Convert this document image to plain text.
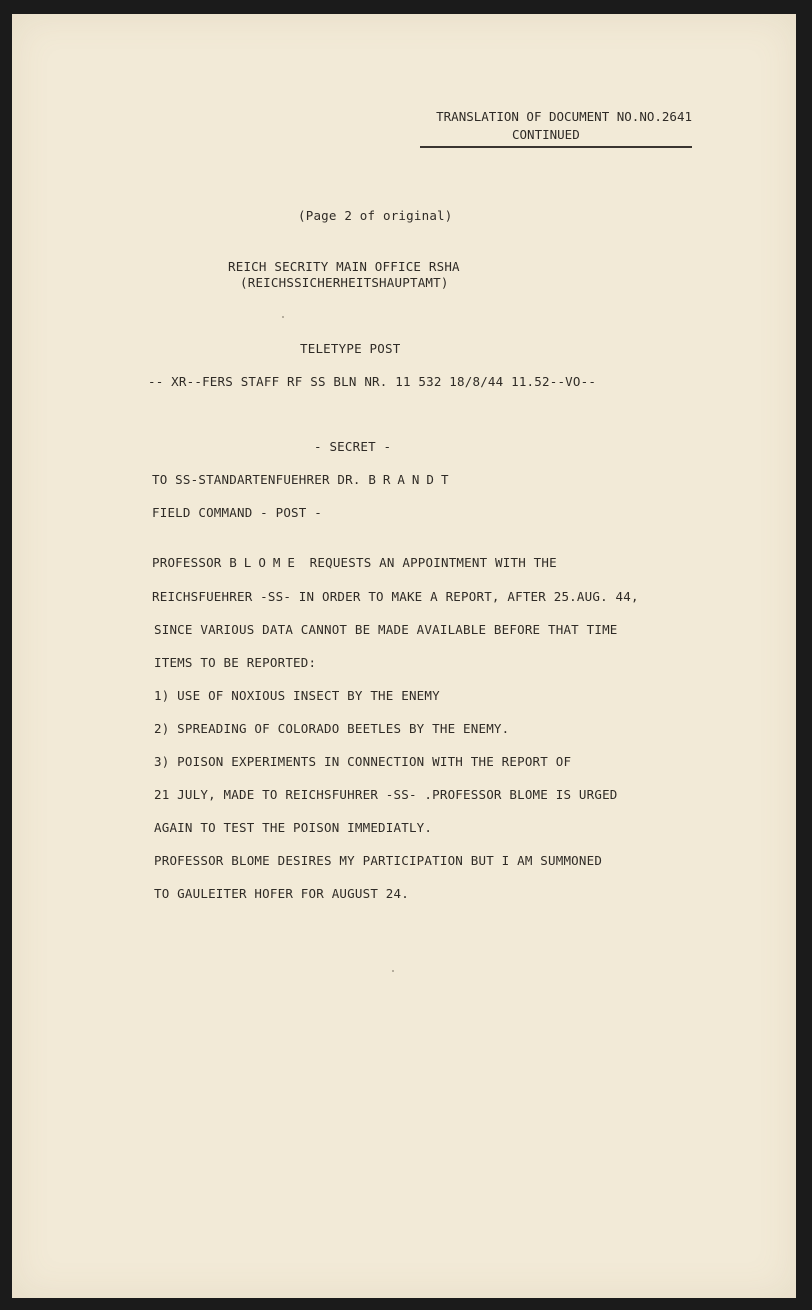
TRANSLATION OF DOCUMENT NO.NO.2641
CONTINUED

(Page 2 of original)

REICH SECRITY MAIN OFFICE RSHA

(REICHSSICHERHEITSHAUPTAMT)

TELETYPE POST

-- XR--FERS STAFF RF SS BLN NR. 11 532 18/8/44 11.52--VO--

- SECRET -

TO SS-STANDARTENFUEHRER DR. BRANDT

FIELD COMMAND - POST -

PROFESSOR BLOME REQUESTS AN APPOINTMENT WITH THE

REICHSFUEHRER -SS- IN ORDER TO MAKE A REPORT, AFTER 25.AUG. 44,

SINCE VARIOUS DATA CANNOT BE MADE AVAILABLE BEFORE THAT TIME

ITEMS TO BE REPORTED:

1) USE OF NOXIOUS INSECT BY THE ENEMY

2) SPREADING OF COLORADO BEETLES BY THE ENEMY.

3) POISON EXPERIMENTS IN CONNECTION WITH THE REPORT OF

21 JULY, MADE TO REICHSFUHRER -SS- .PROFESSOR BLOME IS URGED

AGAIN TO TEST THE POISON IMMEDIATLY.

PROFESSOR BLOME DESIRES MY PARTICIPATION BUT I AM SUMMONED

TO GAULEITER HOFER FOR AUGUST 24.
